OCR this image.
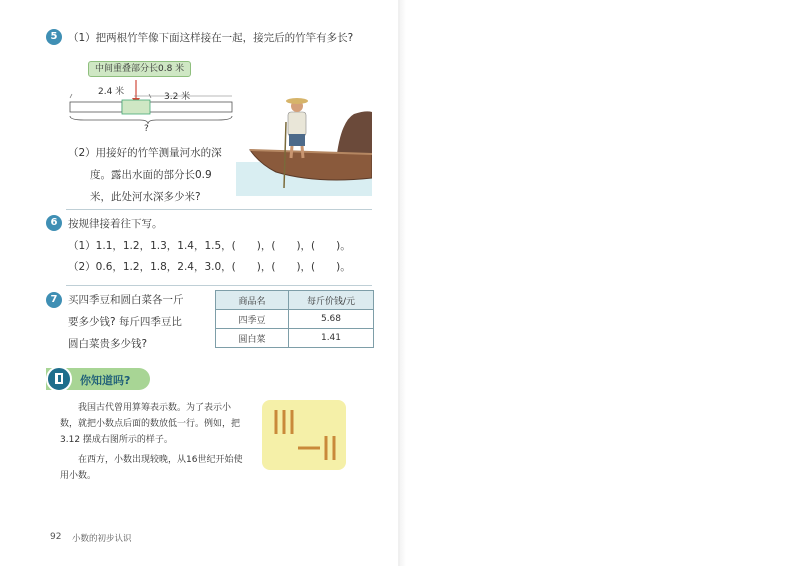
5	（1）把两根竹竿像下面这样接在一起，接完后的竹竿有多长?
中间重叠部分长0.8 米
2.4 米	3.2 米
?
（2）用接好的竹竿测量河水的深
度。露出水面的部分长0.9
米，此处河水深多少米?
6	按规律接着往下写。
（1）1.1，1.2，1.3，1.4，1.5，(　　)，(　　)，(　　)。
（2）0.6，1.2，1.8，2.4，3.0，(　　)，(　　)，(　　)。
7	买四季豆和圆白菜各一斤
要多少钱? 每斤四季豆比
圆白菜贵多少钱?
商品名	每斤价钱/元
四季豆	5.68
圆白菜	1.41
你知道吗?
我国古代曾用算筹表示数。为了表示小
数，就把小数点后面的数放低一行。例如，把
3.12 摆成右图所示的样子。
在西方，小数出现较晚，从16世纪开始使
用小数。
92 小数的初步认识
